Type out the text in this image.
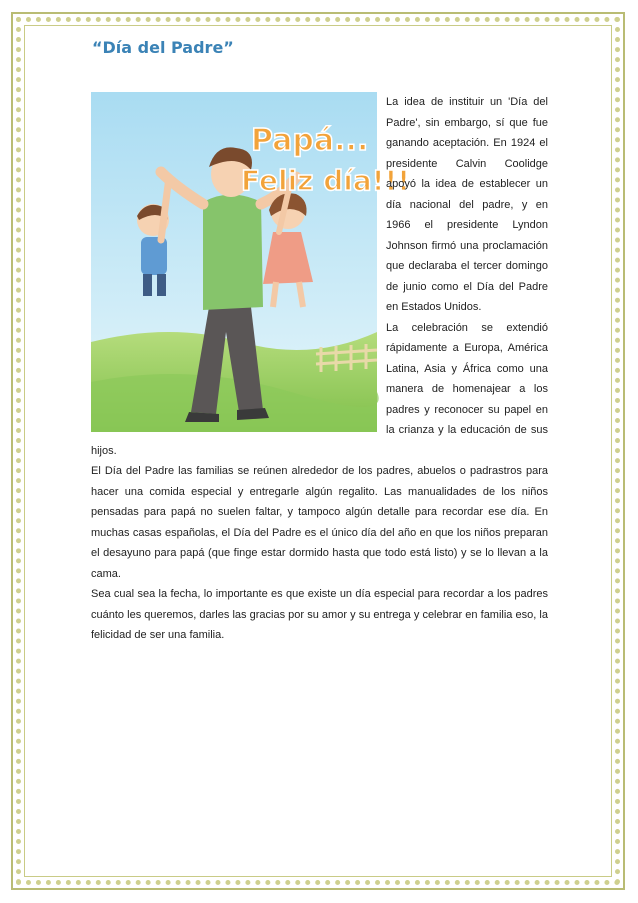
“Día del Padre”

Papá...
Feliz día!!!
La idea de instituir un 'Día del Padre', sin embargo, sí que fue ganando aceptación. En 1924 el presidente Calvin Coolidge apoyó la idea de establecer un día nacional del padre, y en 1966 el presidente Lyndon Johnson firmó una proclamación que declaraba el tercer domingo de junio como el Día del Padre en Estados Unidos.

La celebración se extendió rápidamente a Europa, América Latina, Asia y África como una manera de homenajear a los padres y reconocer su papel en la crianza y la educación de sus hijos.

El Día del Padre las familias se reúnen alrededor de los padres, abuelos o padrastros para hacer una comida especial y entregarle algún regalito. Las manualidades de los niños pensadas para papá no suelen faltar, y tampoco algún detalle para recordar ese día. En muchas casas españolas, el Día del Padre es el único día del año en que los niños preparan el desayuno para papá (que finge estar dormido hasta que todo está listo) y se lo llevan a la cama.

Sea cual sea la fecha, lo importante es que existe un día especial para recordar a los padres cuánto les queremos, darles las gracias por su amor y su entrega y celebrar en familia eso, la felicidad de ser una familia.
